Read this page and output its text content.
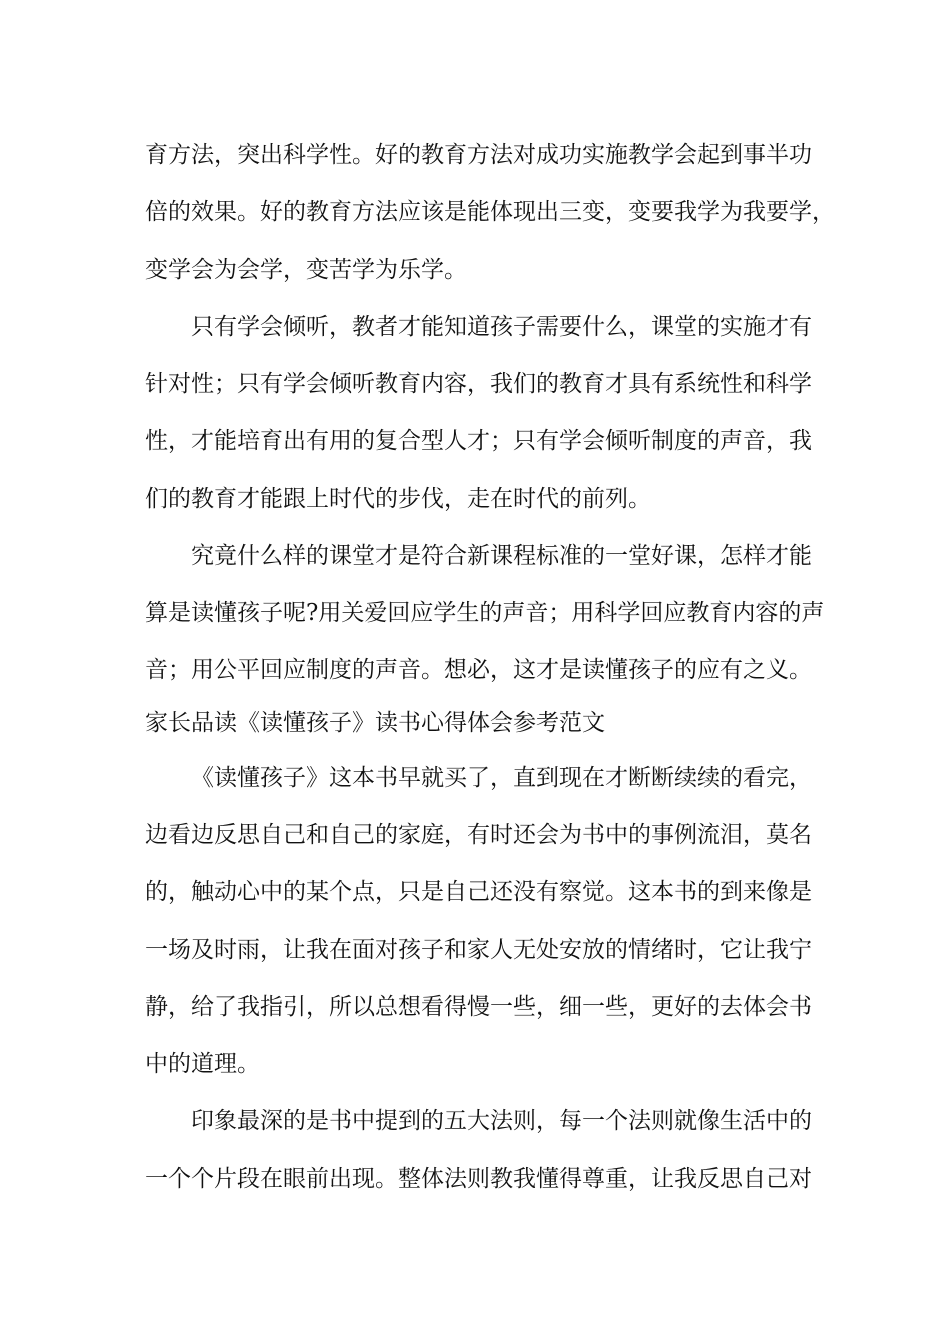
育方法，突出科学性。好的教育方法对成功实施教学会起到事半功
倍的效果。好的教育方法应该是能体现出三变，变要我学为我要学，
变学会为会学，变苦学为乐学。
只有学会倾听，教者才能知道孩子需要什么，课堂的实施才有
针对性；只有学会倾听教育内容，我们的教育才具有系统性和科学
性，才能培育出有用的复合型人才；只有学会倾听制度的声音，我
们的教育才能跟上时代的步伐，走在时代的前列。
究竟什么样的课堂才是符合新课程标准的一堂好课，怎样才能
算是读懂孩子呢?用关爱回应学生的声音；用科学回应教育内容的声
音；用公平回应制度的声音。想必，这才是读懂孩子的应有之义。
家长品读《读懂孩子》读书心得体会参考范文
《读懂孩子》这本书早就买了，直到现在才断断续续的看完，
边看边反思自己和自己的家庭，有时还会为书中的事例流泪，莫名
的，触动心中的某个点，只是自己还没有察觉。这本书的到来像是
一场及时雨，让我在面对孩子和家人无处安放的情绪时，它让我宁
静，给了我指引，所以总想看得慢一些，细一些，更好的去体会书
中的道理。
印象最深的是书中提到的五大法则，每一个法则就像生活中的
一个个片段在眼前出现。整体法则教我懂得尊重，让我反思自己对
